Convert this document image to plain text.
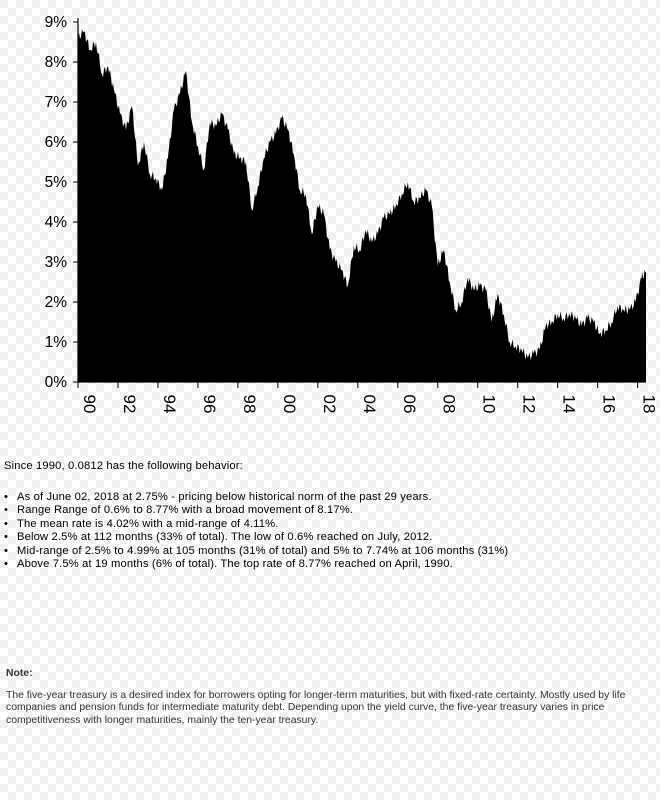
0%
1%
2%
3%
4%
5%
6%
7%
8%
9%
90 92 94 96 98 00 02 04 06 08 10 12 14 16 18

Since 1990, 0.0812 has the following behavior:

• As of June 02, 2018 at 2.75% - pricing below historical norm of the past 29 years.
• Range Range of 0.6% to 8.77% with a broad movement of 8.17%.
• The mean rate is 4.02% with a mid-range of 4.11%.
• Below 2.5% at 112 months (33% of total). The low of 0.6% reached on July, 2012.
• Mid-range of 2.5% to 4.99% at 105 months (31% of total) and 5% to 7.74% at 106 months (31%)
• Above 7.5% at 19 months (6% of total). The top rate of 8.77% reached on April, 1990.

Note:

The five-year treasury is a desired index for borrowers opting for longer-term maturities, but with fixed-rate certainty. Mostly used by life companies and pension funds for intermediate maturity debt. Depending upon the yield curve, the five-year treasury varies in price competitiveness with longer maturities, mainly the ten-year treasury.
